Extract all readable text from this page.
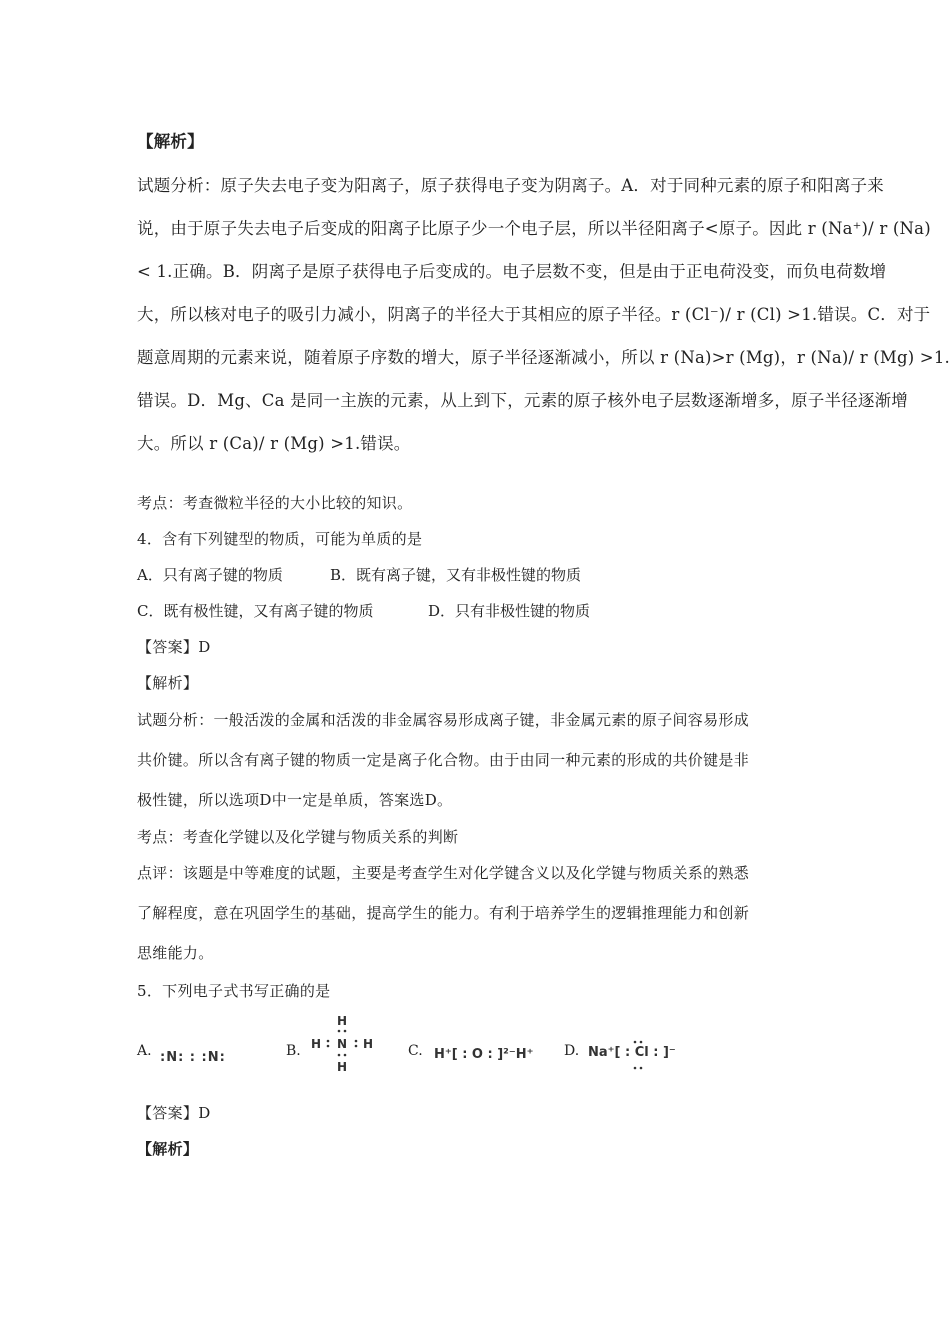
【解析】
试题分析：原子失去电子变为阳离子，原子获得电子变为阴离子。A．对于同种元素的原子和阳离子来
说，由于原子失去电子后变成的阳离子比原子少一个电子层，所以半径阳离子<原子。因此 r (Na⁺)/ r (Na)
< 1.正确。B．阴离子是原子获得电子后变成的。电子层数不变，但是由于正电荷没变，而负电荷数增
大，所以核对电子的吸引力减小，阴离子的半径大于其相应的原子半径。r (Cl⁻)/ r (Cl) >1.错误。C．对于
题意周期的元素来说，随着原子序数的增大，原子半径逐渐减小，所以 r (Na)>r (Mg)，r (Na)/ r (Mg) >1.
错误。D．Mg、Ca 是同一主族的元素，从上到下，元素的原子核外电子层数逐渐增多，原子半径逐渐增
大。所以 r (Ca)/ r (Mg) >1.错误。
考点：考查微粒半径的大小比较的知识。
4．含有下列键型的物质，可能为单质的是
A．只有离子键的物质	B．既有离子键，又有非极性键的物质
C．既有极性键，又有离子键的物质	D．只有非极性键的物质
【答案】D
【解析】
试题分析：一般活泼的金属和活泼的非金属容易形成离子键，非金属元素的原子间容易形成
共价键。所以含有离子键的物质一定是离子化合物。由于由同一种元素的形成的共价键是非
极性键，所以选项D中一定是单质，答案选D。
考点：考查化学键以及化学键与物质关系的判断
点评：该题是中等难度的试题，主要是考查学生对化学键含义以及化学键与物质关系的熟悉
了解程度，意在巩固学生的基础，提高学生的能力。有利于培养学生的逻辑推理能力和创新
思维能力。
5．下列电子式书写正确的是
A. :N: : :N:	B.
H
H N H
H
C. H⁺[ : O : ]²⁻H⁺ D. Na⁺[ : Cl : ]⁻
【答案】D
【解析】
